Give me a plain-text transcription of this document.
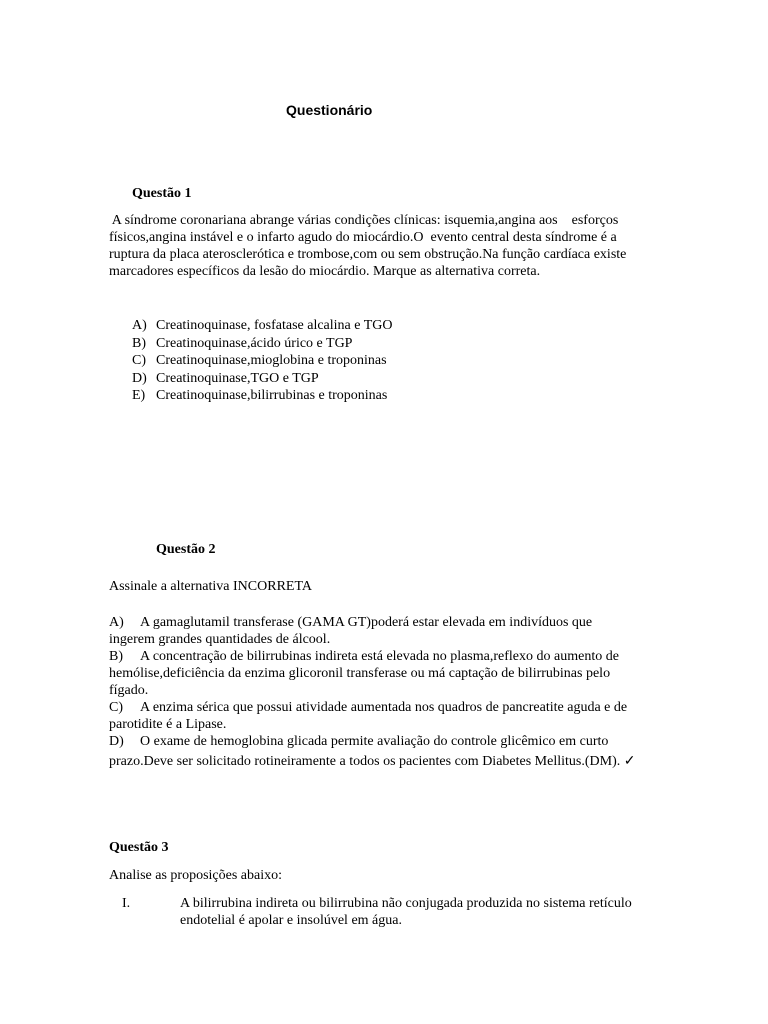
Questionário
Questão 1
A síndrome coronariana abrange várias condições clínicas: isquemia,angina aos    esforços
físicos,angina instável e o infarto agudo do miocárdio.O  evento central desta síndrome é a
ruptura da placa aterosclerótica e trombose,com ou sem obstrução.Na função cardíaca existe
marcadores específicos da lesão do miocárdio. Marque as alternativa correta.
A) Creatinoquinase, fosfatase alcalina e TGO
B) Creatinoquinase,ácido úrico e TGP
C) Creatinoquinase,mioglobina e troponinas
D) Creatinoquinase,TGO e TGP
E) Creatinoquinase,bilirrubinas e troponinas
Questão 2
Assinale a alternativa INCORRETA
A) A gamaglutamil transferase (GAMA GT)poderá estar elevada em indivíduos que
ingerem grandes quantidades de álcool.
B) A concentração de bilirrubinas indireta está elevada no plasma,reflexo do aumento de
hemólise,deficiência da enzima glicoronil transferase ou má captação de bilirrubinas pelo
fígado.
C) A enzima sérica que possui atividade aumentada nos quadros de pancreatite aguda e de
parotidite é a Lipase.
D) O exame de hemoglobina glicada permite avaliação do controle glicêmico em curto
prazo.Deve ser solicitado rotineiramente a todos os pacientes com Diabetes Mellitus.(DM). ✓
Questão 3
Analise as proposições abaixo:
I.	A bilirrubina indireta ou bilirrubina não conjugada produzida no sistema retículo
endotelial é apolar e insolúvel em água.
